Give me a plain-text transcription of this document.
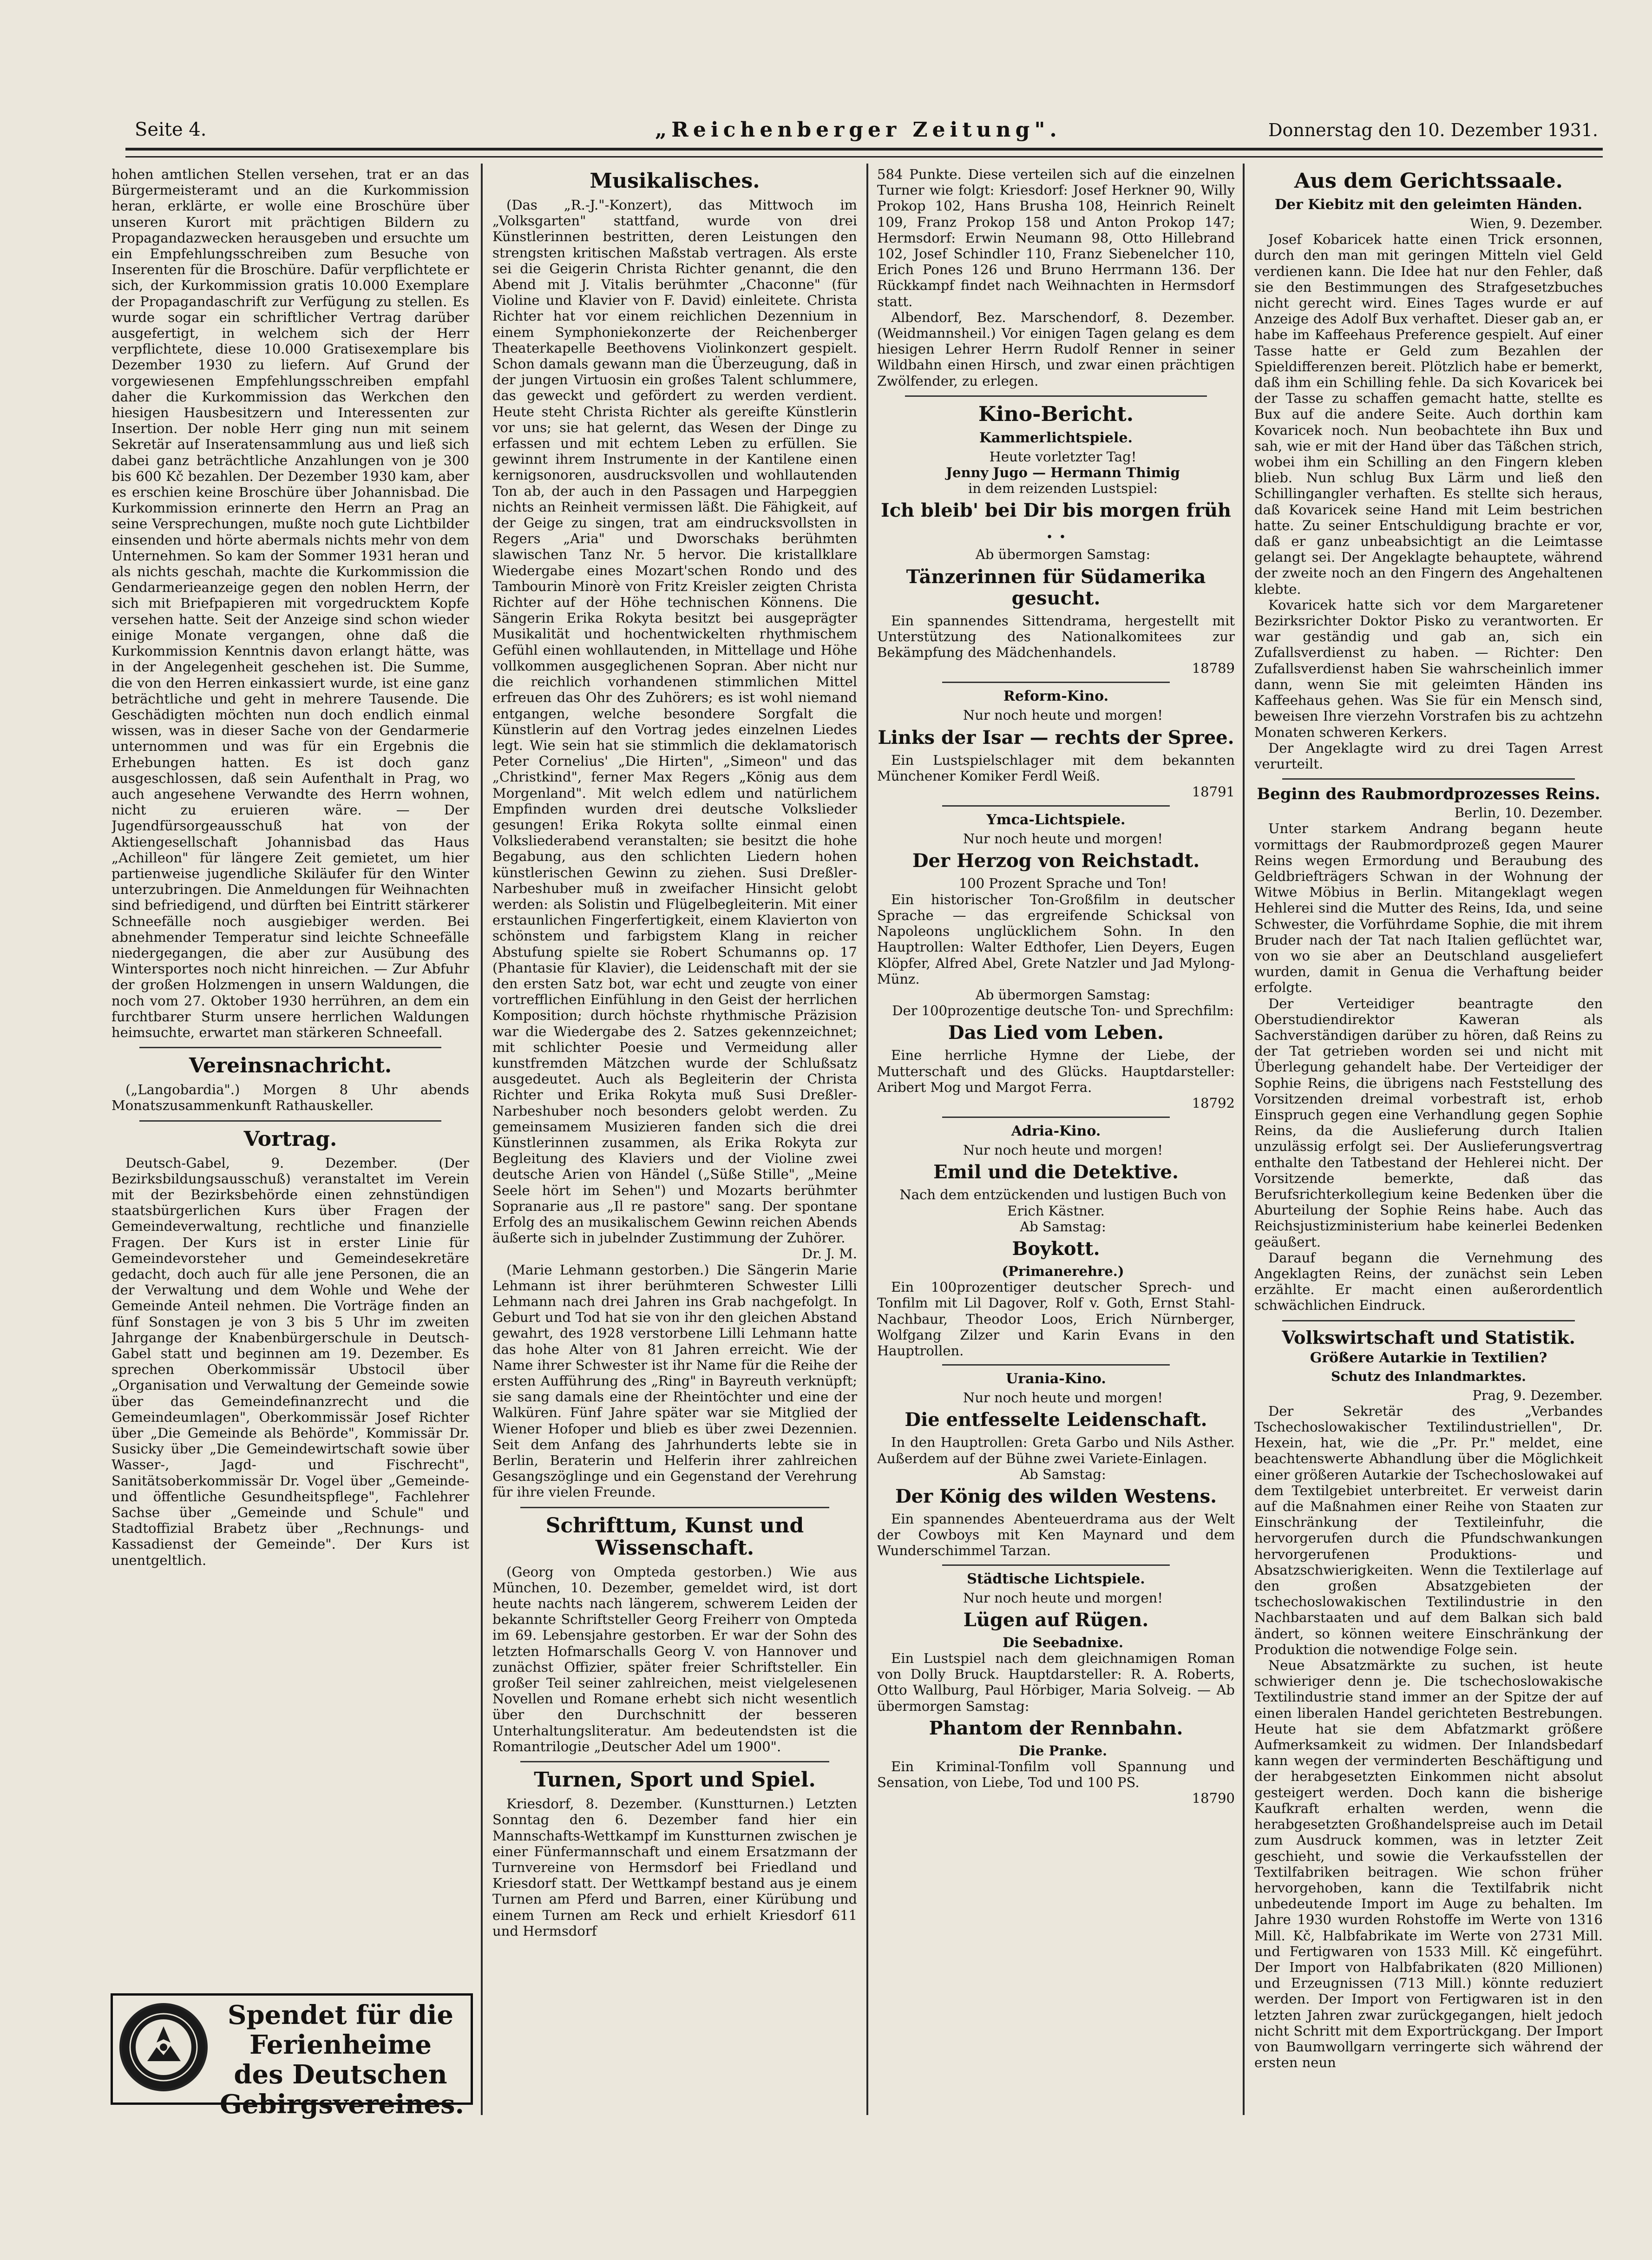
Seite 4.	„Reichenberger Zeitung".	Donnerstag den 10. Dezember 1931.

hohen amtlichen Stellen versehen, trat er an das Bürgermeisteramt und an die Kurkommission heran, erklärte, er wolle eine Broschüre über unseren Kurort mit prächtigen Bildern zu Propagandazwecken herausgeben und ersuchte um ein Empfehlungsschreiben zum Besuche von Inserenten für die Broschüre. Dafür verpflichtete er sich, der Kurkommission gratis 10.000 Exemplare der Propagandaschrift zur Verfügung zu stellen. Es wurde sogar ein schriftlicher Vertrag darüber ausgefertigt, in welchem sich der Herr verpflichtete, diese 10.000 Gratisexemplare bis Dezember 1930 zu liefern. Auf Grund der vorgewiesenen Empfehlungsschreiben empfahl daher die Kurkommission das Werkchen den hiesigen Hausbesitzern und Interessenten zur Insertion. Der noble Herr ging nun mit seinem Sekretär auf Inseratensammlung aus und ließ sich dabei ganz beträchtliche Anzahlungen von je 300 bis 600 Kč bezahlen. Der Dezember 1930 kam, aber es erschien keine Broschüre über Johannisbad. Die Kurkommission erinnerte den Herrn an Prag an seine Versprechungen, mußte noch gute Lichtbilder einsenden und hörte abermals nichts mehr von dem Unternehmen. So kam der Sommer 1931 heran und als nichts geschah, machte die Kurkommission die Gendarmerieanzeige gegen den noblen Herrn, der sich mit Briefpapieren mit vorgedrucktem Kopfe versehen hatte. Seit der Anzeige sind schon wieder einige Monate vergangen, ohne daß die Kurkommission Kenntnis davon erlangt hätte, was in der Angelegenheit geschehen ist. Die Summe, die von den Herren einkassiert wurde, ist eine ganz beträchtliche und geht in mehrere Tausende. Die Geschädigten möchten nun doch endlich einmal wissen, was in dieser Sache von der Gendarmerie unternommen und was für ein Ergebnis die Erhebungen hatten. Es ist doch ganz ausgeschlossen, daß sein Aufenthalt in Prag, wo auch angesehene Verwandte des Herrn wohnen, nicht zu eruieren wäre. — Der Jugendfürsorgeausschuß hat von der Aktiengesellschaft Johannisbad das Haus „Achilleon" für längere Zeit gemietet, um hier partienweise jugendliche Skiläufer für den Winter unterzubringen. Die Anmeldungen für Weihnachten sind befriedigend, und dürften bei Eintritt stärkerer Schneefälle noch ausgiebiger werden. Bei abnehmender Temperatur sind leichte Schneefälle niedergegangen, die aber zur Ausübung des Wintersportes noch nicht hinreichen. — Zur Abfuhr der großen Holzmengen in unsern Waldungen, die noch vom 27. Oktober 1930 herrühren, an dem ein furchtbarer Sturm unsere herrlichen Waldungen heimsuchte, erwartet man stärkeren Schneefall.

Vereinsnachricht.

(„Langobardia".) Morgen 8 Uhr abends Monatszusammenkunft Rathauskeller.

Vortrag.

Deutsch-Gabel, 9. Dezember. (Der Bezirksbildungsausschuß) veranstaltet im Verein mit der Bezirksbehörde einen zehnstündigen staatsbürgerlichen Kurs über Fragen der Gemeindeverwaltung, rechtliche und finanzielle Fragen. Der Kurs ist in erster Linie für Gemeindevorsteher und Gemeindesekretäre gedacht, doch auch für alle jene Personen, die an der Verwaltung und dem Wohle und Wehe der Gemeinde Anteil nehmen. Die Vorträge finden an fünf Sonstagen je von 3 bis 5 Uhr im zweiten Jahrgange der Knabenbürgerschule in Deutsch-Gabel statt und beginnen am 19. Dezember. Es sprechen Oberkommissär Ubstocil über „Organisation und Verwaltung der Gemeinde sowie über das Gemeindefinanzrecht und die Gemeindeumlagen", Oberkommissär Josef Richter über „Die Gemeinde als Behörde", Kommissär Dr. Susicky über „Die Gemeindewirtschaft sowie über Wasser-, Jagd- und Fischrecht", Sanitätsoberkommissär Dr. Vogel über „Gemeinde- und öffentliche Gesundheitspflege", Fachlehrer Sachse über „Gemeinde und Schule" und Stadtoffizial Brabetz über „Rechnungs- und Kassadienst der Gemeinde". Der Kurs ist unentgeltlich.

Spendet für die
Ferienheime
des Deutschen
Gebirgsvereines.
Musikalisches.

(Das „R.-J."-Konzert), das Mittwoch im „Volksgarten" stattfand, wurde von drei Künstlerinnen bestritten, deren Leistungen den strengsten kritischen Maßstab vertragen. Als erste sei die Geigerin Christa Richter genannt, die den Abend mit J. Vitalis berühmter „Chaconne" (für Violine und Klavier von F. David) einleitete. Christa Richter hat vor einem reichlichen Dezennium in einem Symphoniekonzerte der Reichenberger Theaterkapelle Beethovens Violinkonzert gespielt. Schon damals gewann man die Überzeugung, daß in der jungen Virtuosin ein großes Talent schlummere, das geweckt und gefördert zu werden verdient. Heute steht Christa Richter als gereifte Künstlerin vor uns; sie hat gelernt, das Wesen der Dinge zu erfassen und mit echtem Leben zu erfüllen. Sie gewinnt ihrem Instrumente in der Kantilene einen kernigsonoren, ausdrucksvollen und wohllautenden Ton ab, der auch in den Passagen und Harpeggien nichts an Reinheit vermissen läßt. Die Fähigkeit, auf der Geige zu singen, trat am eindrucksvollsten in Regers „Aria" und Dworschaks berühmten slawischen Tanz Nr. 5 hervor. Die kristallklare Wiedergabe eines Mozart'schen Rondo und des Tambourin Minorè von Fritz Kreisler zeigten Christa Richter auf der Höhe technischen Könnens. Die Sängerin Erika Rokyta besitzt bei ausgeprägter Musikalität und hochentwickelten rhythmischem Gefühl einen wohllautenden, in Mittellage und Höhe vollkommen ausgeglichenen Sopran. Aber nicht nur die reichlich vorhandenen stimmlichen Mittel erfreuen das Ohr des Zuhörers; es ist wohl niemand entgangen, welche besondere Sorgfalt die Künstlerin auf den Vortrag jedes einzelnen Liedes legt. Wie sein hat sie stimmlich die deklamatorisch Peter Cornelius' „Die Hirten", „Simeon" und das „Christkind", ferner Max Regers „König aus dem Morgenland". Mit welch edlem und natürlichem Empfinden wurden drei deutsche Volkslieder gesungen! Erika Rokyta sollte einmal einen Volksliederabend veranstalten; sie besitzt die hohe Begabung, aus den schlichten Liedern hohen künstlerischen Gewinn zu ziehen. Susi Dreßler-Narbeshuber muß in zweifacher Hinsicht gelobt werden: als Solistin und Flügelbegleiterin. Mit einer erstaunlichen Fingerfertigkeit, einem Klavierton von schönstem und farbigstem Klang in reicher Abstufung spielte sie Robert Schumanns op. 17 (Phantasie für Klavier), die Leidenschaft mit der sie den ersten Satz bot, war echt und zeugte von einer vortrefflichen Einfühlung in den Geist der herrlichen Komposition; durch höchste rhythmische Präzision war die Wiedergabe des 2. Satzes gekennzeichnet; mit schlichter Poesie und Vermeidung aller kunstfremden Mätzchen wurde der Schlußsatz ausgedeutet. Auch als Begleiterin der Christa Richter und Erika Rokyta muß Susi Dreßler-Narbeshuber noch besonders gelobt werden. Zu gemeinsamem Musizieren fanden sich die drei Künstlerinnen zusammen, als Erika Rokyta zur Begleitung des Klaviers und der Violine zwei deutsche Arien von Händel („Süße Stille", „Meine Seele hört im Sehen") und Mozarts berühmter Sopranarie aus „Il re pastore" sang. Der spontane Erfolg des an musikalischem Gewinn reichen Abends äußerte sich in jubelnder Zustimmung der Zuhörer.

Dr. J. M.

(Marie Lehmann gestorben.) Die Sängerin Marie Lehmann ist ihrer berühmteren Schwester Lilli Lehmann nach drei Jahren ins Grab nachgefolgt. In Geburt und Tod hat sie von ihr den gleichen Abstand gewahrt, des 1928 verstorbene Lilli Lehmann hatte das hohe Alter von 81 Jahren erreicht. Wie der Name ihrer Schwester ist ihr Name für die Reihe der ersten Aufführung des „Ring" in Bayreuth verknüpft; sie sang damals eine der Rheintöchter und eine der Walküren. Fünf Jahre später war sie Mitglied der Wiener Hofoper und blieb es über zwei Dezennien. Seit dem Anfang des Jahrhunderts lebte sie in Berlin, Beraterin und Helferin ihrer zahlreichen Gesangszöglinge und ein Gegenstand der Verehrung für ihre vielen Freunde.

Schrifttum, Kunst und Wissenschaft.

(Georg von Ompteda gestorben.) Wie aus München, 10. Dezember, gemeldet wird, ist dort heute nachts nach längerem, schwerem Leiden der bekannte Schriftsteller Georg Freiherr von Ompteda im 69. Lebensjahre gestorben. Er war der Sohn des letzten Hofmarschalls Georg V. von Hannover und zunächst Offizier, später freier Schriftsteller. Ein großer Teil seiner zahlreichen, meist vielgelesenen Novellen und Romane erhebt sich nicht wesentlich über den Durchschnitt der besseren Unterhaltungsliteratur. Am bedeutendsten ist die Romantrilogie „Deutscher Adel um 1900".

Turnen, Sport und Spiel.

Kriesdorf, 8. Dezember. (Kunstturnen.) Letzten Sonntag den 6. Dezember fand hier ein Mannschafts-Wettkampf im Kunstturnen zwischen je einer Fünfermannschaft und einem Ersatzmann der Turnvereine von Hermsdorf bei Friedland und Kriesdorf statt. Der Wettkampf bestand aus je einem Turnen am Pferd und Barren, einer Kürübung und einem Turnen am Reck und erhielt Kriesdorf 611 und Hermsdorf

584 Punkte. Diese verteilen sich auf die einzelnen Turner wie folgt: Kriesdorf: Josef Herkner 90, Willy Prokop 102, Hans Brusha 108, Heinrich Reinelt 109, Franz Prokop 158 und Anton Prokop 147; Hermsdorf: Erwin Neumann 98, Otto Hillebrand 102, Josef Schindler 110, Franz Siebenelcher 110, Erich Pones 126 und Bruno Herrmann 136. Der Rückkampf findet nach Weihnachten in Hermsdorf statt.

Albendorf, Bez. Marschendorf, 8. Dezember. (Weidmannsheil.) Vor einigen Tagen gelang es dem hiesigen Lehrer Herrn Rudolf Renner in seiner Wildbahn einen Hirsch, und zwar einen prächtigen Zwölfender, zu erlegen.

Kino-Bericht.
Kammerlichtspiele.

Heute vorletzter Tag!

Jenny Jugo — Hermann Thimig

in dem reizenden Lustspiel:

Ich bleib' bei Dir bis morgen früh . .

Ab übermorgen Samstag:

Tänzerinnen für Südamerika gesucht.

Ein spannendes Sittendrama, hergestellt mit Unterstützung des Nationalkomitees zur Bekämpfung des Mädchenhandels.

18789

Reform-Kino.

Nur noch heute und morgen!

Links der Isar — rechts der Spree.

Ein Lustspielschlager mit dem bekannten Münchener Komiker Ferdl Weiß.

18791

Ymca-Lichtspiele.

Nur noch heute und morgen!

Der Herzog von Reichstadt.

100 Prozent Sprache und Ton!

Ein historischer Ton-Großfilm in deutscher Sprache — das ergreifende Schicksal von Napoleons unglücklichem Sohn. In den Hauptrollen: Walter Edthofer, Lien Deyers, Eugen Klöpfer, Alfred Abel, Grete Natzler und Jad Mylong-Münz.

Ab übermorgen Samstag:

Der 100prozentige deutsche Ton- und Sprechfilm:

Das Lied vom Leben.

Eine herrliche Hymne der Liebe, der Mutterschaft und des Glücks. Hauptdarsteller: Aribert Mog und Margot Ferra.

18792

Adria-Kino.

Nur noch heute und morgen!

Emil und die Detektive.

Nach dem entzückenden und lustigen Buch von Erich Kästner.

Ab Samstag:

Boykott.

(Primanerehre.)

Ein 100prozentiger deutscher Sprech- und Tonfilm mit Lil Dagover, Rolf v. Goth, Ernst Stahl-Nachbaur, Theodor Loos, Erich Nürnberger, Wolfgang Zilzer und Karin Evans in den Hauptrollen.

Urania-Kino.

Nur noch heute und morgen!

Die entfesselte Leidenschaft.

In den Hauptrollen: Greta Garbo und Nils Asther. Außerdem auf der Bühne zwei Variete-Einlagen.

Ab Samstag:

Der König des wilden Westens.

Ein spannendes Abenteuerdrama aus der Welt der Cowboys mit Ken Maynard und dem Wunderschimmel Tarzan.

Städtische Lichtspiele.

Nur noch heute und morgen!

Lügen auf Rügen.

Die Seebadnixe.

Ein Lustspiel nach dem gleichnamigen Roman von Dolly Bruck. Hauptdarsteller: R. A. Roberts, Otto Wallburg, Paul Hörbiger, Maria Solveig. — Ab übermorgen Samstag:

Phantom der Rennbahn.

Die Pranke.

Ein Kriminal-Tonfilm voll Spannung und Sensation, von Liebe, Tod und 100 PS.

18790

Aus dem Gerichtssaale.
Der Kiebitz mit den geleimten Händen.

Wien, 9. Dezember.

Josef Kobaricek hatte einen Trick ersonnen, durch den man mit geringen Mitteln viel Geld verdienen kann. Die Idee hat nur den Fehler, daß sie den Bestimmungen des Strafgesetzbuches nicht gerecht wird. Eines Tages wurde er auf Anzeige des Adolf Bux verhaftet. Dieser gab an, er habe im Kaffeehaus Preference gespielt. Auf einer Tasse hatte er Geld zum Bezahlen der Spieldifferenzen bereit. Plötzlich habe er bemerkt, daß ihm ein Schilling fehle. Da sich Kovaricek bei der Tasse zu schaffen gemacht hatte, stellte es Bux auf die andere Seite. Auch dorthin kam Kovaricek noch. Nun beobachtete ihn Bux und sah, wie er mit der Hand über das Täßchen strich, wobei ihm ein Schilling an den Fingern kleben blieb. Nun schlug Bux Lärm und ließ den Schillingangler verhaften. Es stellte sich heraus, daß Kovaricek seine Hand mit Leim bestrichen hatte. Zu seiner Entschuldigung brachte er vor, daß er ganz unbeabsichtigt an die Leimtasse gelangt sei. Der Angeklagte behauptete, während der zweite noch an den Fingern des Angehaltenen klebte.

Kovaricek hatte sich vor dem Margaretener Bezirksrichter Doktor Pisko zu verantworten. Er war geständig und gab an, sich ein Zufallsverdienst zu haben. — Richter: Den Zufallsverdienst haben Sie wahrscheinlich immer dann, wenn Sie mit geleimten Händen ins Kaffeehaus gehen. Was Sie für ein Mensch sind, beweisen Ihre vierzehn Vorstrafen bis zu achtzehn Monaten schweren Kerkers.

Der Angeklagte wird zu drei Tagen Arrest verurteilt.

Beginn des Raubmordprozesses Reins.

Berlin, 10. Dezember.

Unter starkem Andrang begann heute vormittags der Raubmordprozeß gegen Maurer Reins wegen Ermordung und Beraubung des Geldbriefträgers Schwan in der Wohnung der Witwe Möbius in Berlin. Mitangeklagt wegen Hehlerei sind die Mutter des Reins, Ida, und seine Schwester, die Vorführdame Sophie, die mit ihrem Bruder nach der Tat nach Italien geflüchtet war, von wo sie aber an Deutschland ausgeliefert wurden, damit in Genua die Verhaftung beider erfolgte.

Der Verteidiger beantragte den Oberstudiendirektor Kaweran als Sachverständigen darüber zu hören, daß Reins zu der Tat getrieben worden sei und nicht mit Überlegung gehandelt habe. Der Verteidiger der Sophie Reins, die übrigens nach Feststellung des Vorsitzenden dreimal vorbestraft ist, erhob Einspruch gegen eine Verhandlung gegen Sophie Reins, da die Auslieferung durch Italien unzulässig erfolgt sei. Der Auslieferungsvertrag enthalte den Tatbestand der Hehlerei nicht. Der Vorsitzende bemerkte, daß das Berufsrichterkollegium keine Bedenken über die Aburteilung der Sophie Reins habe. Auch das Reichsjustizministerium habe keinerlei Bedenken geäußert.

Darauf begann die Vernehmung des Angeklagten Reins, der zunächst sein Leben erzählte. Er macht einen außerordentlich schwächlichen Eindruck.

Volkswirtschaft und Statistik.
Größere Autarkie in Textilien?
Schutz des Inlandmarktes.

Prag, 9. Dezember.

Der Sekretär des „Verbandes Tschechoslowakischer Textilindustriellen", Dr. Hexein, hat, wie die „Pr. Pr." meldet, eine beachtenswerte Abhandlung über die Möglichkeit einer größeren Autarkie der Tschechoslowakei auf dem Textilgebiet unterbreitet. Er verweist darin auf die Maßnahmen einer Reihe von Staaten zur Einschränkung der Textileinfuhr, die hervorgerufen durch die Pfundschwankungen hervorgerufenen Produktions- und Absatzschwierigkeiten. Wenn die Textilerlage auf den großen Absatzgebieten der tschechoslowakischen Textilindustrie in den Nachbarstaaten und auf dem Balkan sich bald ändert, so können weitere Einschränkung der Produktion die notwendige Folge sein.

Neue Absatzmärkte zu suchen, ist heute schwieriger denn je. Die tschechoslowakische Textilindustrie stand immer an der Spitze der auf einen liberalen Handel gerichteten Bestrebungen. Heute hat sie dem Abfatzmarkt größere Aufmerksamkeit zu widmen. Der Inlandsbedarf kann wegen der verminderten Beschäftigung und der herabgesetzten Einkommen nicht absolut gesteigert werden. Doch kann die bisherige Kaufkraft erhalten werden, wenn die herabgesetzten Großhandelspreise auch im Detail zum Ausdruck kommen, was in letzter Zeit geschieht, und sowie die Verkaufsstellen der Textilfabriken beitragen. Wie schon früher hervorgehoben, kann die Textilfabrik nicht unbedeutende Import im Auge zu behalten. Im Jahre 1930 wurden Rohstoffe im Werte von 1316 Mill. Kč, Halbfabrikate im Werte von 2731 Mill. und Fertigwaren von 1533 Mill. Kč eingeführt. Der Import von Halbfabrikaten (820 Millionen) und Erzeugnissen (713 Mill.) könnte reduziert werden. Der Import von Fertigwaren ist in den letzten Jahren zwar zurückgegangen, hielt jedoch nicht Schritt mit dem Exportrückgang. Der Import von Baumwollgarn verringerte sich während der ersten neun
